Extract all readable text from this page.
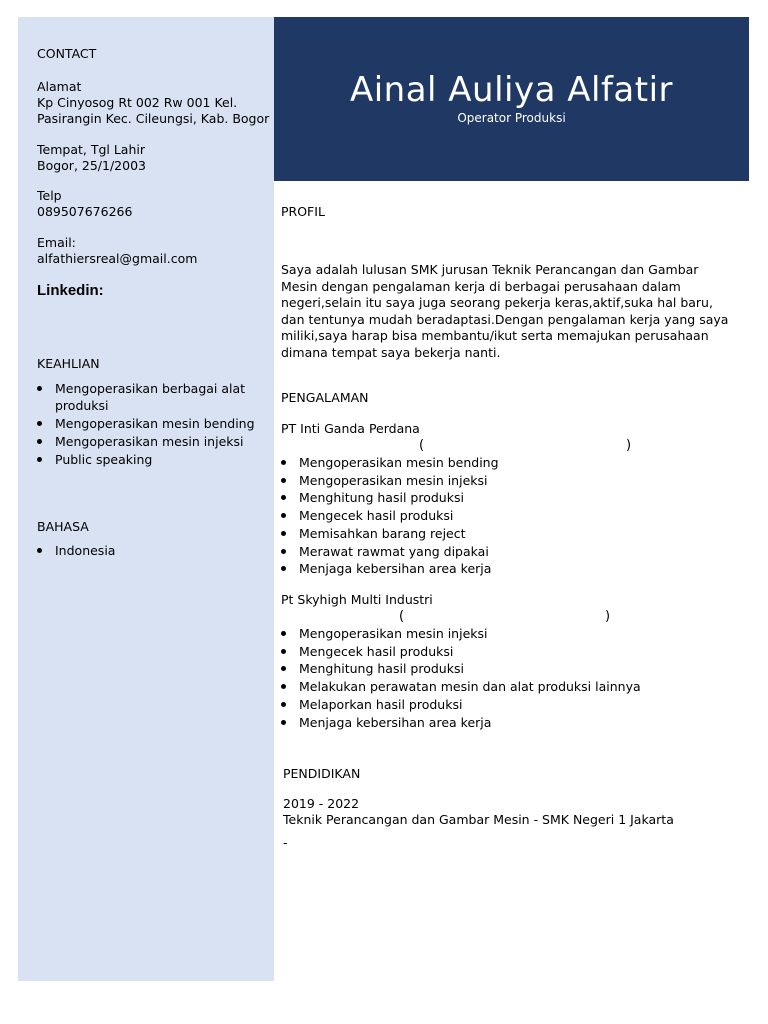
CONTACT
Alamat
Kp Cinyosog Rt 002 Rw 001 Kel.
Pasirangin Kec. Cileungsi, Kab. Bogor
Tempat, Tgl Lahir
Bogor, 25/1/2003
Telp
089507676266
Email:
alfathiersreal@gmail.com
Linkedin:
KEAHLIAN
Mengoperasikan berbagai alat
produksi
Mengoperasikan mesin bending
Mengoperasikan mesin injeksi
Public speaking
BAHASA
Indonesia
Ainal Auliya Alfatir
Operator Produksi
PROFIL
Saya adalah lulusan SMK jurusan Teknik Perancangan dan Gambar Mesin dengan pengalaman kerja di berbagai perusahaan dalam negeri,selain itu saya juga seorang pekerja keras,aktif,suka hal baru, dan tentunya mudah beradaptasi.Dengan pengalaman kerja yang saya miliki,saya harap bisa membantu/ikut serta memajukan perusahaan dimana tempat saya bekerja nanti.
PENGALAMAN
PT Inti Ganda Perdana
(	)
Mengoperasikan mesin bending
Mengoperasikan mesin injeksi
Menghitung hasil produksi
Mengecek hasil produksi
Memisahkan barang reject
Merawat rawmat yang dipakai
Menjaga kebersihan area kerja
Pt Skyhigh Multi Industri
(	)
Mengoperasikan mesin injeksi
Mengecek hasil produksi
Menghitung hasil produksi
Melakukan perawatan mesin dan alat produksi lainnya
Melaporkan hasil produksi
Menjaga kebersihan area kerja
PENDIDIKAN
2019 - 2022
Teknik Perancangan dan Gambar Mesin - SMK Negeri 1 Jakarta
-
